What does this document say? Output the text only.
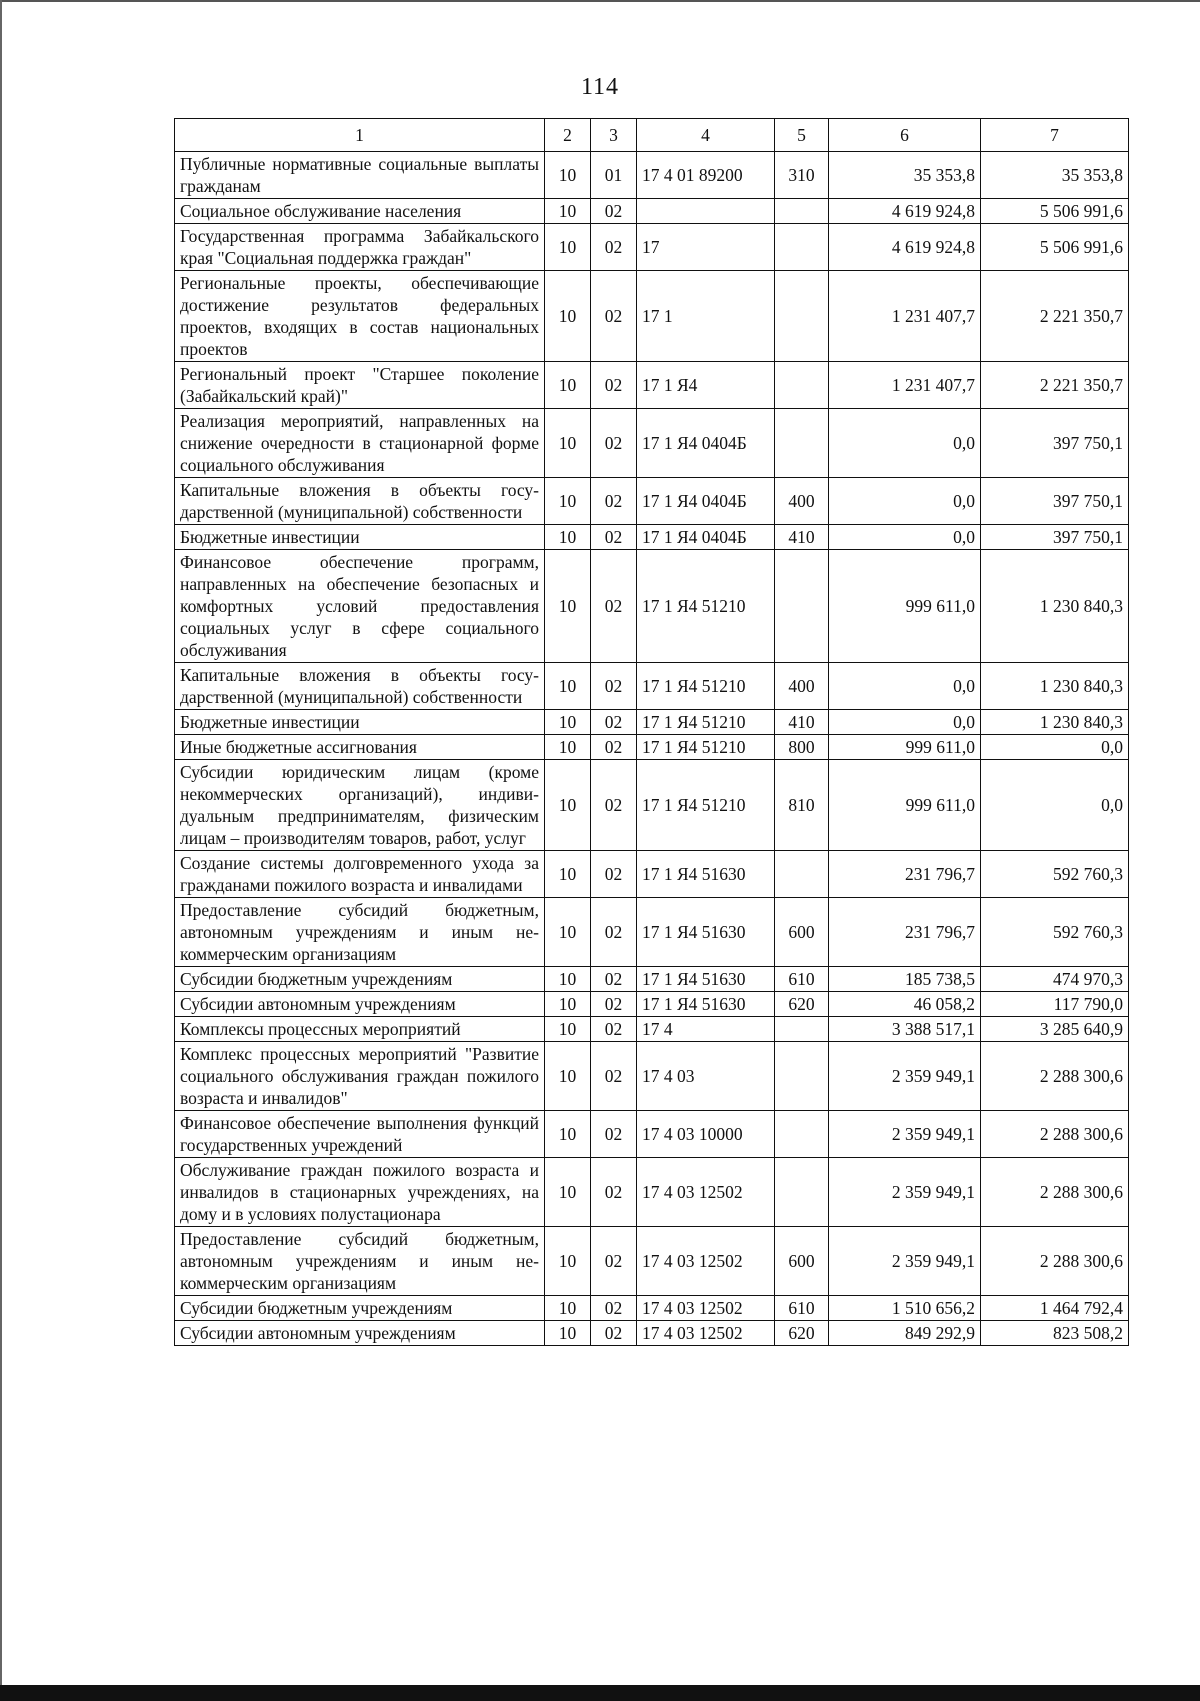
114
1	2	3	4	5	6	7
Публичные нормативные социальные выплаты гражданам	10	01	17 4 01 89200	310	35 353,8	35 353,8
Социальное обслуживание населения	10	02			4 619 924,8	5 506 991,6
Государственная программа Забайкальского края "Социальная поддержка граждан"	10	02	17		4 619 924,8	5 506 991,6
Региональные проекты, обеспечивающие достижение результатов федеральных проектов, входящих в состав национальных проектов	10	02	17 1		1 231 407,7	2 221 350,7
Региональный проект "Старшее поколение (Забайкальский край)"	10	02	17 1 Я4		1 231 407,7	2 221 350,7
Реализация мероприятий, направленных на снижение очередности в стационарной форме социального обслуживания	10	02	17 1 Я4 0404Б		0,0	397 750,1
Капитальные вложения в объекты государственной (муниципальной) собственности	10	02	17 1 Я4 0404Б	400	0,0	397 750,1
Бюджетные инвестиции	10	02	17 1 Я4 0404Б	410	0,0	397 750,1
Финансовое обеспечение программ, направленных на обеспечение безопасных и комфортных условий предоставления социальных услуг в сфере социального обслуживания	10	02	17 1 Я4 51210		999 611,0	1 230 840,3
Капитальные вложения в объекты государственной (муниципальной) собственности	10	02	17 1 Я4 51210	400	0,0	1 230 840,3
Бюджетные инвестиции	10	02	17 1 Я4 51210	410	0,0	1 230 840,3
Иные бюджетные ассигнования	10	02	17 1 Я4 51210	800	999 611,0	0,0
Субсидии юридическим лицам (кроме некоммерческих организаций), индивидуальным предпринимателям, физическим лицам – производителям товаров, работ, услуг	10	02	17 1 Я4 51210	810	999 611,0	0,0
Создание системы долговременного ухода за гражданами пожилого возраста и инвалидами	10	02	17 1 Я4 51630		231 796,7	592 760,3
Предоставление субсидий бюджетным, автономным учреждениям и иным некоммерческим организациям	10	02	17 1 Я4 51630	600	231 796,7	592 760,3
Субсидии бюджетным учреждениям	10	02	17 1 Я4 51630	610	185 738,5	474 970,3
Субсидии автономным учреждениям	10	02	17 1 Я4 51630	620	46 058,2	117 790,0
Комплексы процессных мероприятий	10	02	17 4		3 388 517,1	3 285 640,9
Комплекс процессных мероприятий "Развитие социального обслуживания граждан пожилого возраста и инвалидов"	10	02	17 4 03		2 359 949,1	2 288 300,6
Финансовое обеспечение выполнения функций государственных учреждений	10	02	17 4 03 10000		2 359 949,1	2 288 300,6
Обслуживание граждан пожилого возраста и инвалидов в стационарных учреждениях, на дому и в условиях полустационара	10	02	17 4 03 12502		2 359 949,1	2 288 300,6
Предоставление субсидий бюджетным, автономным учреждениям и иным некоммерческим организациям	10	02	17 4 03 12502	600	2 359 949,1	2 288 300,6
Субсидии бюджетным учреждениям	10	02	17 4 03 12502	610	1 510 656,2	1 464 792,4
Субсидии автономным учреждениям	10	02	17 4 03 12502	620	849 292,9	823 508,2
